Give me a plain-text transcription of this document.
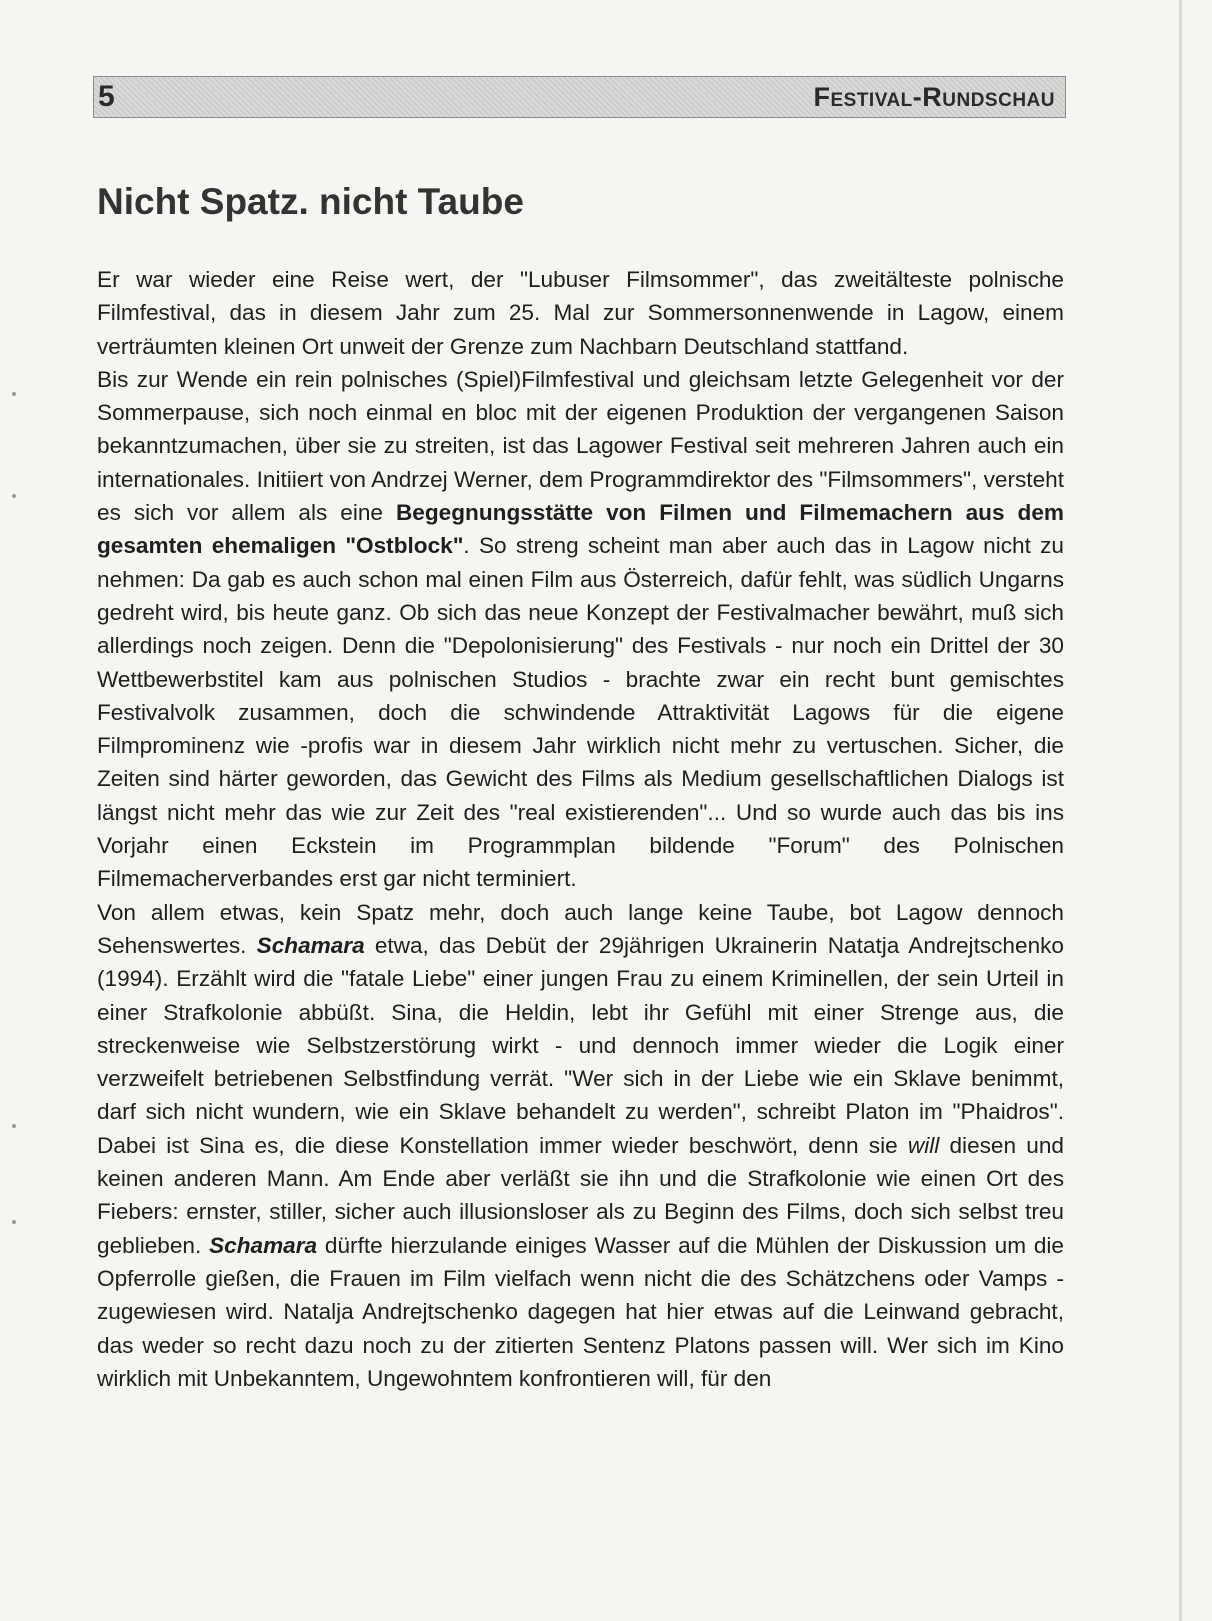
5	Festival-Rundschau
Nicht Spatz. nicht Taube

Er war wieder eine Reise wert, der "Lubuser Filmsommer", das zweitälteste polnische Filmfestival, das in diesem Jahr zum 25. Mal zur Sommersonnenwende in Lagow, einem verträumten kleinen Ort unweit der Grenze zum Nachbarn Deutschland stattfand.

Bis zur Wende ein rein polnisches (Spiel)Filmfestival und gleichsam letzte Gelegenheit vor der Sommerpause, sich noch einmal en bloc mit der eigenen Produktion der vergangenen Saison bekanntzumachen, über sie zu streiten, ist das Lagower Festival seit mehreren Jahren auch ein internationales. Initiiert von Andrzej Werner, dem Programmdirektor des "Filmsommers", versteht es sich vor allem als eine Begegnungsstätte von Filmen und Filmemachern aus dem gesamten ehemaligen "Ostblock". So streng scheint man aber auch das in Lagow nicht zu nehmen: Da gab es auch schon mal einen Film aus Österreich, dafür fehlt, was südlich Ungarns gedreht wird, bis heute ganz. Ob sich das neue Konzept der Festivalmacher bewährt, muß sich allerdings noch zeigen. Denn die "Depolonisierung" des Festivals - nur noch ein Drittel der 30 Wettbewerbstitel kam aus polnischen Studios - brachte zwar ein recht bunt gemischtes Festivalvolk zusammen, doch die schwindende Attraktivität Lagows für die eigene Filmprominenz wie -profis war in diesem Jahr wirklich nicht mehr zu vertuschen. Sicher, die Zeiten sind härter geworden, das Gewicht des Films als Medium gesellschaftlichen Dialogs ist längst nicht mehr das wie zur Zeit des "real existierenden"... Und so wurde auch das bis ins Vorjahr einen Eckstein im Programmplan bildende "Forum" des Polnischen Filmemacherverbandes erst gar nicht terminiert.

Von allem etwas, kein Spatz mehr, doch auch lange keine Taube, bot Lagow dennoch Sehenswertes. Schamara etwa, das Debüt der 29jährigen Ukrainerin Natatja Andrejtschenko (1994). Erzählt wird die "fatale Liebe" einer jungen Frau zu einem Kriminellen, der sein Urteil in einer Strafkolonie abbüßt. Sina, die Heldin, lebt ihr Gefühl mit einer Strenge aus, die streckenweise wie Selbstzerstörung wirkt - und dennoch immer wieder die Logik einer verzweifelt betriebenen Selbstfindung verrät. "Wer sich in der Liebe wie ein Sklave benimmt, darf sich nicht wundern, wie ein Sklave behandelt zu werden", schreibt Platon im "Phaidros". Dabei ist Sina es, die diese Konstellation immer wieder beschwört, denn sie will diesen und keinen anderen Mann. Am Ende aber verläßt sie ihn und die Strafkolonie wie einen Ort des Fiebers: ernster, stiller, sicher auch illusionsloser als zu Beginn des Films, doch sich selbst treu geblieben. Schamara dürfte hierzulande einiges Wasser auf die Mühlen der Diskussion um die Opferrolle gießen, die Frauen im Film vielfach wenn nicht die des Schätzchens oder Vamps - zugewiesen wird. Natalja Andrejtschenko dagegen hat hier etwas auf die Leinwand gebracht, das weder so recht dazu noch zu der zitierten Sentenz Platons passen will. Wer sich im Kino wirklich mit Unbekanntem, Ungewohntem konfrontieren will, für den
